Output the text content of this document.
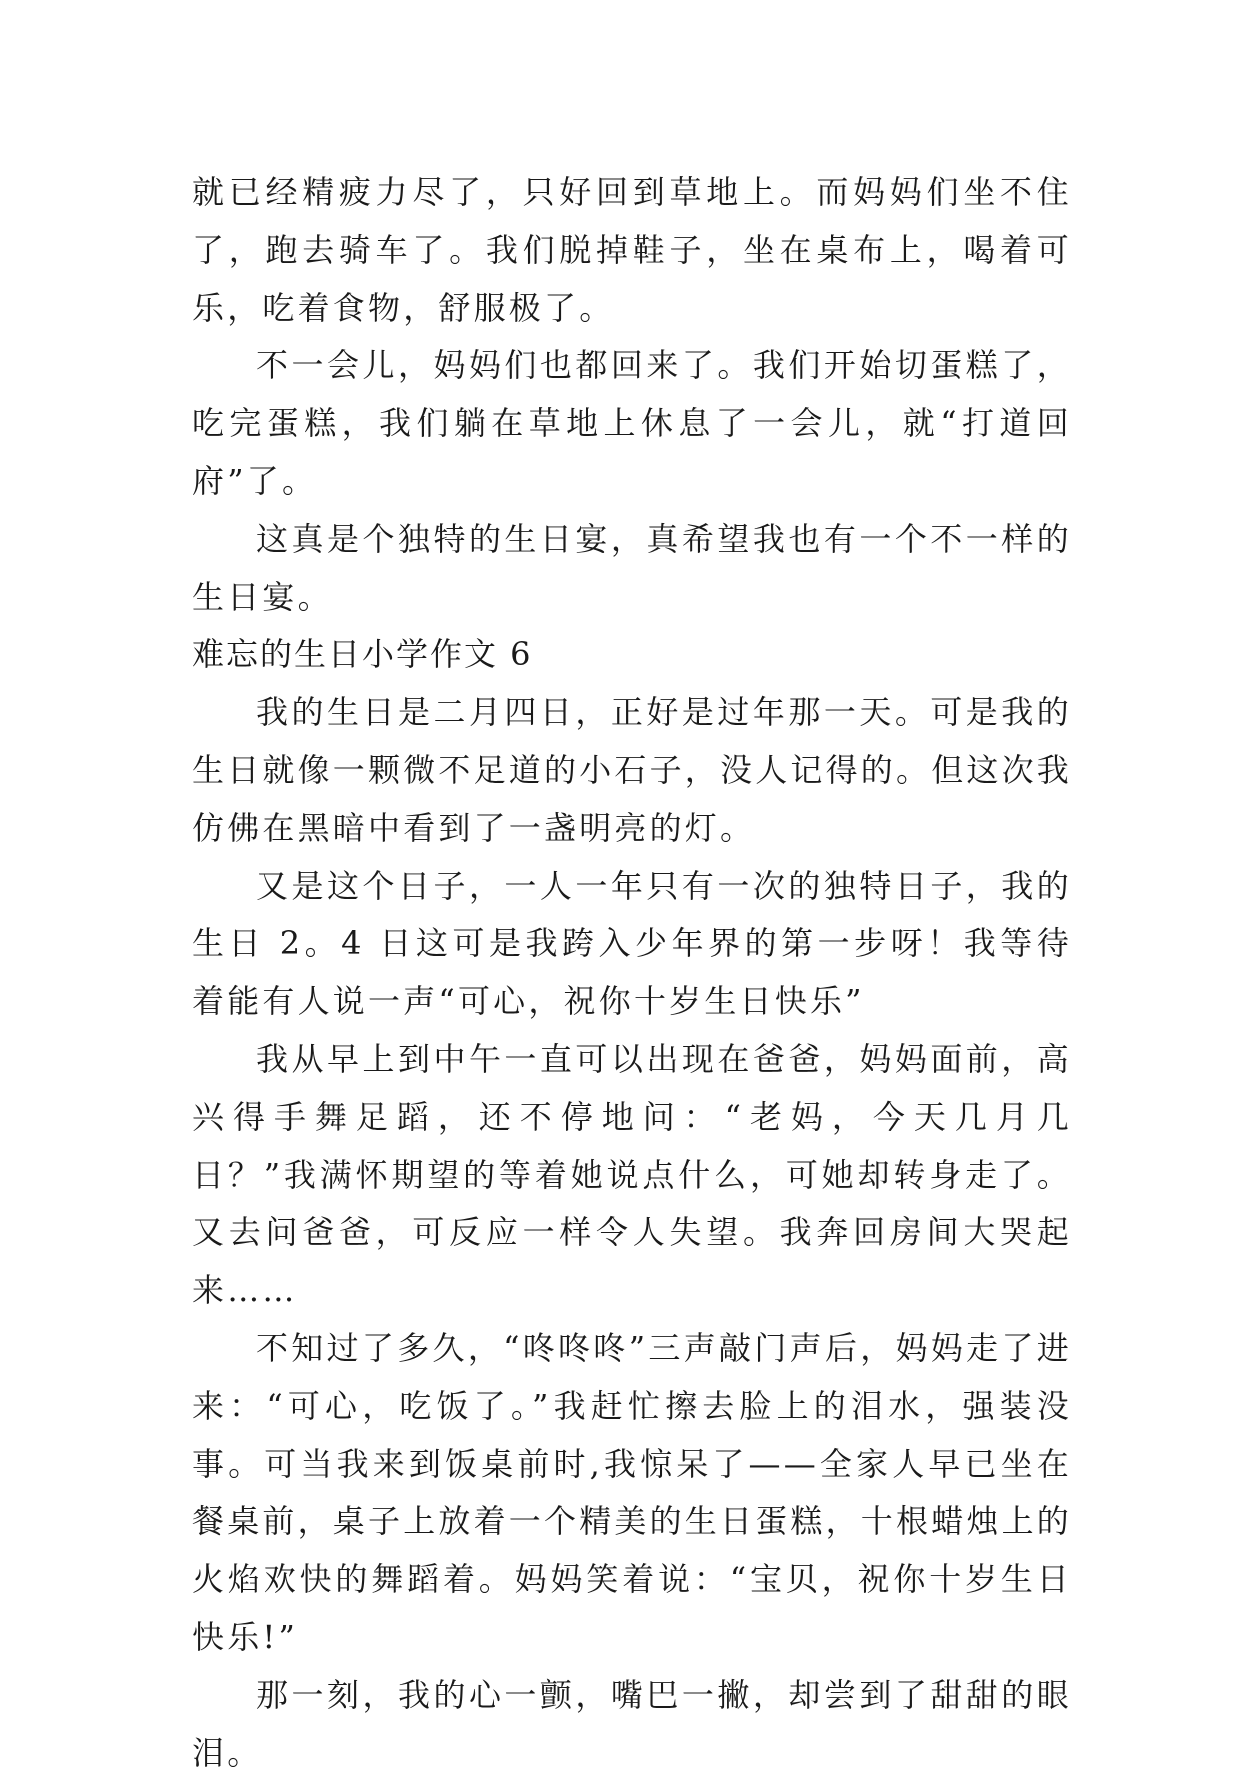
就已经精疲力尽了，只好回到草地上。而妈妈们坐不住了，跑去骑车了。我们脱掉鞋子，坐在桌布上，喝着可乐，吃着食物，舒服极了。

不一会儿，妈妈们也都回来了。我们开始切蛋糕了，吃完蛋糕，我们躺在草地上休息了一会儿，就“打道回府”了。

这真是个独特的生日宴，真希望我也有一个不一样的生日宴。

难忘的生日小学作文 6

我的生日是二月四日，正好是过年那一天。可是我的生日就像一颗微不足道的小石子，没人记得的。但这次我仿佛在黑暗中看到了一盏明亮的灯。

又是这个日子，一人一年只有一次的独特日子，我的生日 2。4 日这可是我跨入少年界的第一步呀！我等待着能有人说一声“可心，祝你十岁生日快乐”

我从早上到中午一直可以出现在爸爸，妈妈面前，高兴得手舞足蹈，还不停地问：“老妈，今天几月几日？”我满怀期望的等着她说点什么，可她却转身走了。又去问爸爸，可反应一样令人失望。我奔回房间大哭起来……

不知过了多久，“咚咚咚”三声敲门声后，妈妈走了进来：“可心，吃饭了。”我赶忙擦去脸上的泪水，强装没事。可当我来到饭桌前时,我惊呆了——全家人早已坐在餐桌前，桌子上放着一个精美的生日蛋糕，十根蜡烛上的火焰欢快的舞蹈着。妈妈笑着说：“宝贝，祝你十岁生日快乐!”

那一刻，我的心一颤，嘴巴一撇，却尝到了甜甜的眼泪。
